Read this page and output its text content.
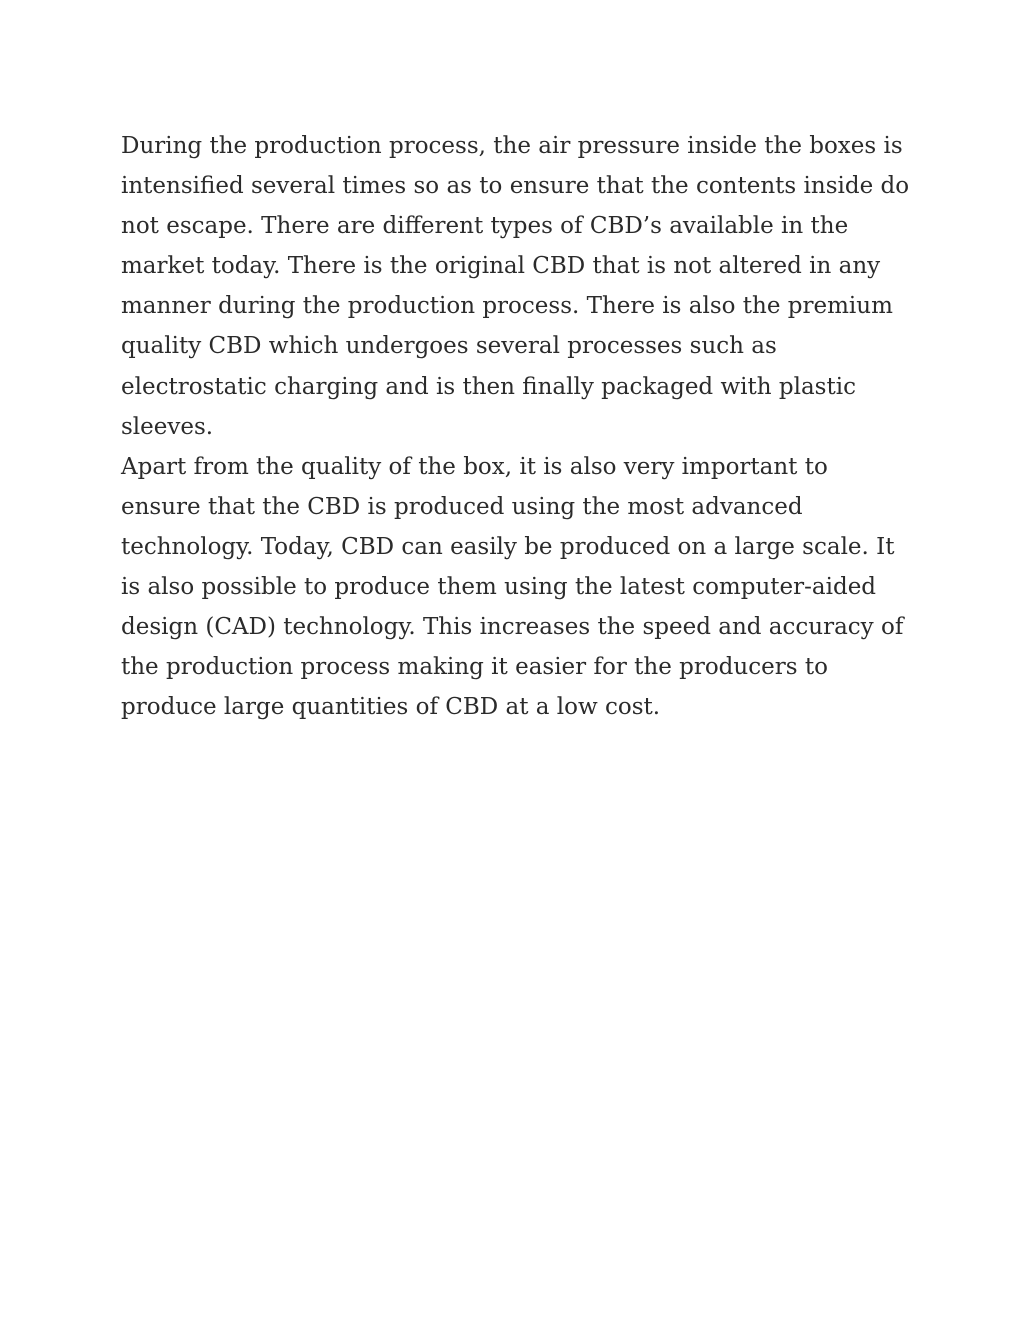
During the production process, the air pressure inside the boxes is
intensified several times so as to ensure that the contents inside do
not escape. There are different types of CBD’s available in the
market today. There is the original CBD that is not altered in any
manner during the production process. There is also the premium
quality CBD which undergoes several processes such as
electrostatic charging and is then finally packaged with plastic
sleeves.

Apart from the quality of the box, it is also very important to
ensure that the CBD is produced using the most advanced
technology. Today, CBD can easily be produced on a large scale. It
is also possible to produce them using the latest computer-aided
design (CAD) technology. This increases the speed and accuracy of
the production process making it easier for the producers to
produce large quantities of CBD at a low cost.
